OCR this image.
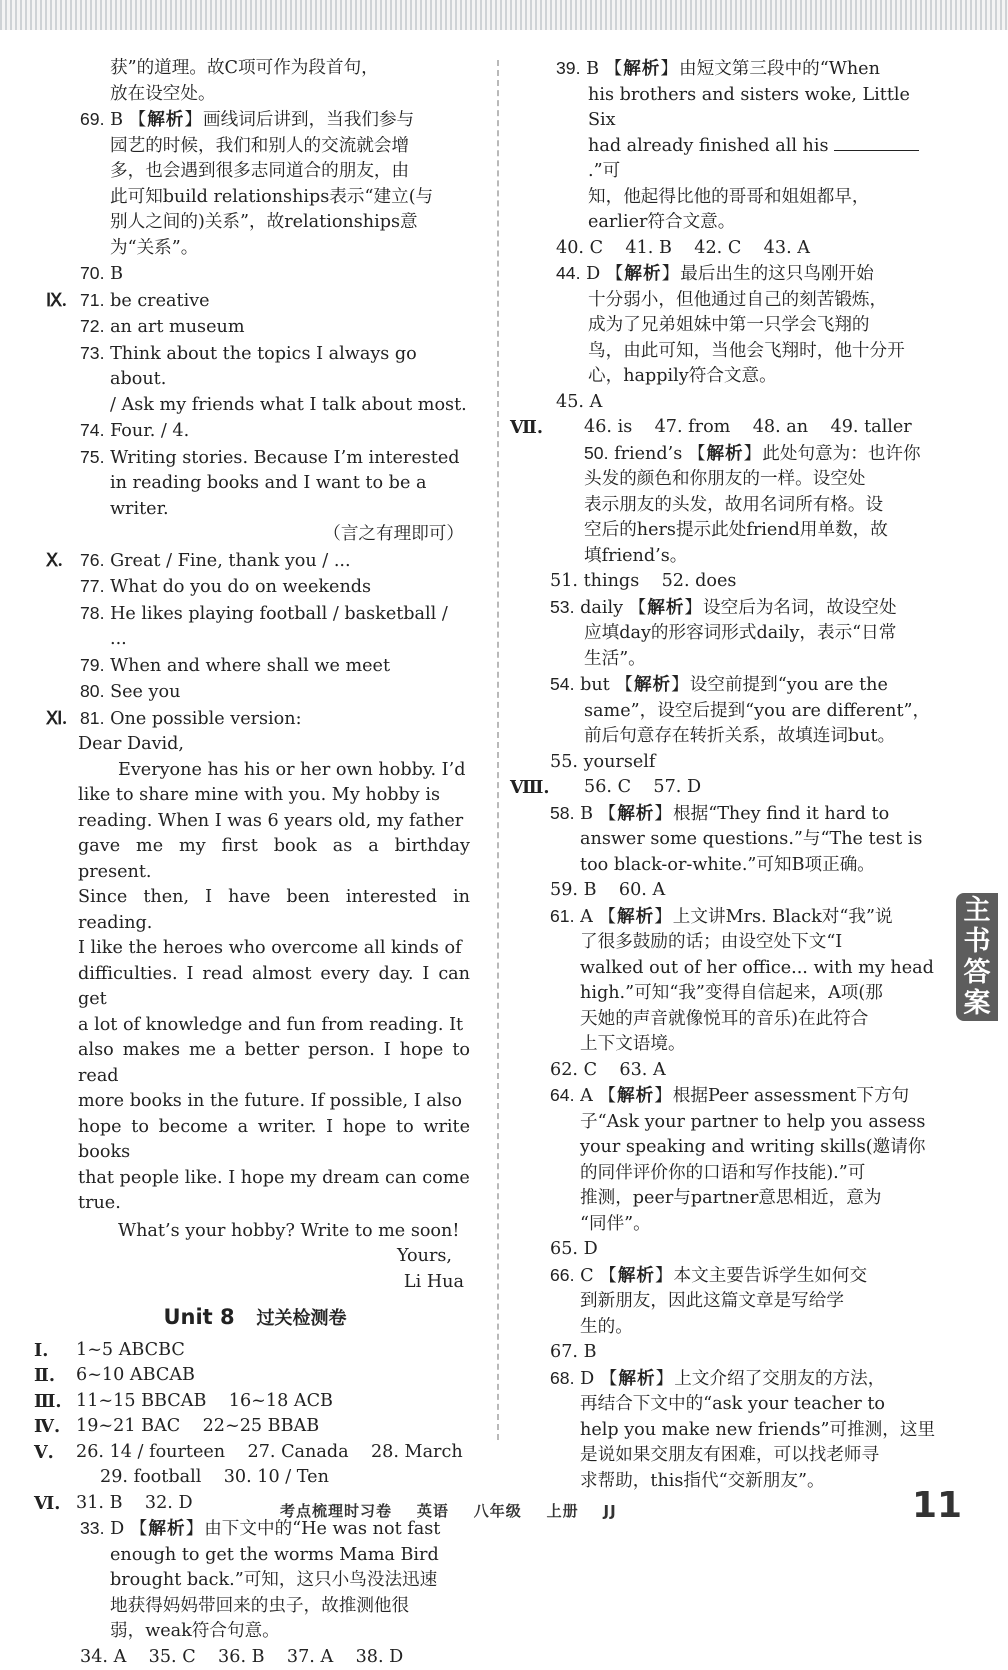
获”的道理。故C项可作为段首句，
放在设空处。
69. B 【 解析 】 画线词后讲到，当我们参与
园艺的时候，我们和别人的交流就会增
多，也会遇到很多志同道合的朋友，由
此可知build relationships表示“建立(与
别人之间的)关系”，故relationships意
为“关系”。
70. B
Ⅸ. 71. be creative
72. an art museum
73. Think about the topics I always go about.
/ Ask my friends what I talk about most.
74. Four. / 4.
75. Writing stories. Because I’m interested
in reading books and I want to be a writer.
（言之有理即可）
Ⅹ. 76. Great / Fine, thank you / ...
77. What do you do on weekends
78. He likes playing football / basketball / ...
79. When and where shall we meet
80. See you
Ⅺ. 81. One possible version:
Dear David,
Everyone has his or her own hobby. I’d
like to share mine with you. My hobby is
reading. When I was 6 years old, my father
gave me my first book as a birthday present.
Since then, I have been interested in reading.
I like the heroes who overcome all kinds of
difficulties. I read almost every day. I can get
a lot of knowledge and fun from reading. It
also makes me a better person. I hope to read
more books in the future. If possible, I also
hope to become a writer. I hope to write books
that people like. I hope my dream can come
true.
What’s your hobby? Write to me soon!
Yours,
Li Hua
Unit 8 过关检测卷
Ⅰ. 1~5 ABCBC
Ⅱ. 6~10 ABCAB
Ⅲ. 11~15 BBCAB    16~18 ACB
Ⅳ. 19~21 BAC    22~25 BBAB
Ⅴ. 26. 14 / fourteen    27. Canada    28. March
29. football    30. 10 / Ten
Ⅵ. 31. B    32. D
33. D 【 解析 】 由下文中的“He was not fast
enough to get the worms Mama Bird
brought back.”可知，这只小鸟没法迅速
地获得妈妈带回来的虫子，故推测他很
弱，weak符合句意。
34. A    35. C    36. B    37. A    38. D
39. B 【 解析 】 由短文第三段中的“When
his brothers and sisters woke, Little Six
had already finished all his .”可
知，他起得比他的哥哥和姐姐都早，
earlier符合文意。
40. C    41. B    42. C    43. A
44. D 【 解析 】 最后出生的这只鸟刚开始
十分弱小，但他通过自己的刻苦锻炼，
成为了兄弟姐妹中第一只学会飞翔的
鸟，由此可知，当他会飞翔时，他十分开
心，happily符合文意。
45. A
Ⅶ. 46. is    47. from    48. an    49. taller
50. friend’s 【 解析 】 此处句意为：也许你
头发的颜色和你朋友的一样。设空处
表示朋友的头发，故用名词所有格。设
空后的hers提示此处friend用单数，故
填friend’s。
51. things    52. does
53. daily 【 解析 】 设空后为名词，故设空处
应填day的形容词形式daily，表示“日常
生活”。
54. but 【 解析 】 设空前提到“you are the
same”，设空后提到“you are different”，
前后句意存在转折关系，故填连词but。
55. yourself
Ⅷ. 56. C    57. D
58. B 【 解析 】 根据“They find it hard to
answer some questions.”与“The test is
too black-or-white.”可知B项正确。
59. B    60. A
61. A 【 解析 】 上文讲Mrs. Black对“我”说
了很多鼓励的话；由设空处下文“I
walked out of her office... with my head
high.”可知“我”变得自信起来，A项(那
天她的声音就像悦耳的音乐)在此符合
上下文语境。
62. C    63. A
64. A 【 解析 】 根据Peer assessment下方句
子“Ask your partner to help you assess
your speaking and writing skills(邀请你
的同伴评价你的口语和写作技能).”可
推测，peer与partner意思相近，意为
“同伴”。
65. D
66. C 【 解析 】 本文主要告诉学生如何交
到新朋友，因此这篇文章是写给学
生的。
67. B
68. D 【 解析 】 上文介绍了交朋友的方法，
再结合下文中的“ask your teacher to
help you make new friends”可推测，这里
是说如果交朋友有困难，可以找老师寻
求帮助，this指代“交新朋友”。
主
书
答
案
考点梳理时习卷    英语    八年级    上册    JJ	11
